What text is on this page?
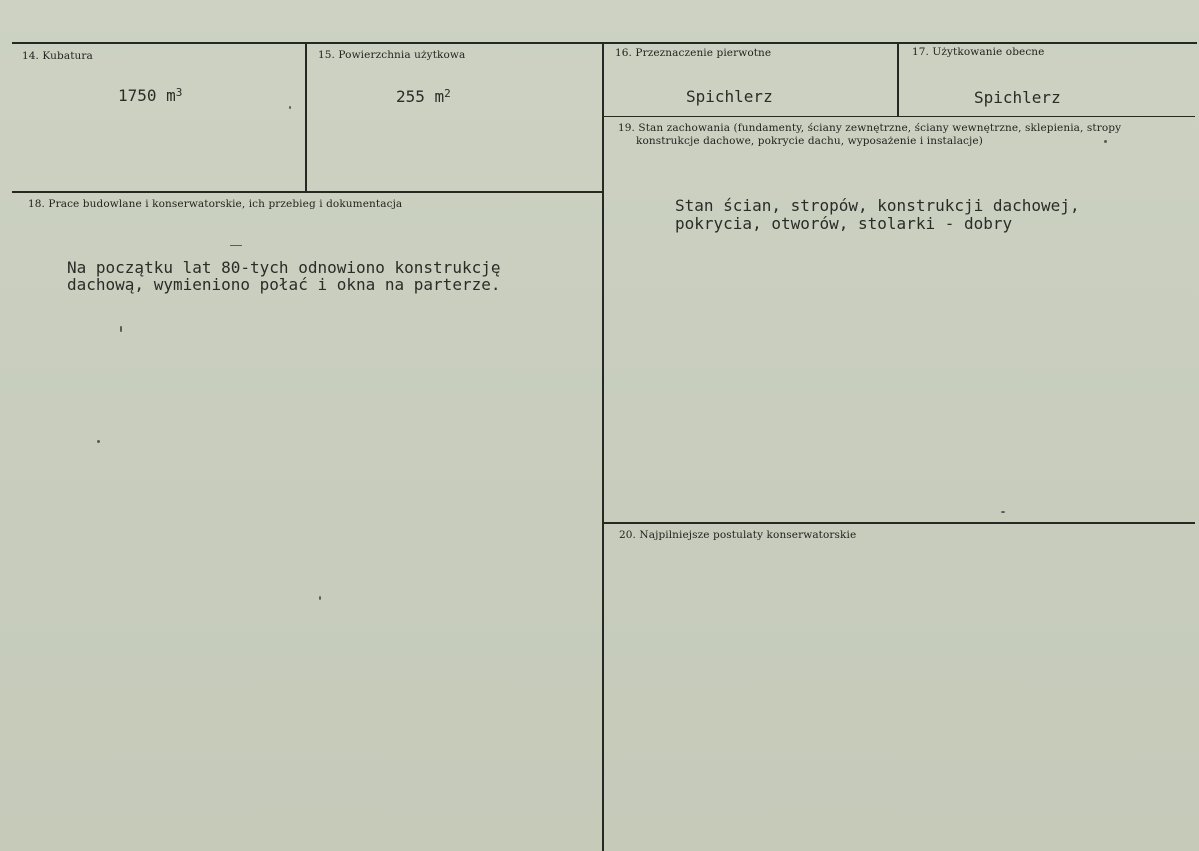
14. Kubatura
1750 $m^3$
15. Powierzchnia użytkowa
255 $m^2$
16. Przeznaczenie pierwotne
Spichlerz
17. Użytkowanie obecne
Spichlerz
18. Prace budowlane i konserwatorskie, ich przebieg i dokumentacja
Na początku lat 80-tych odnowiono konstrukcję
dachową, wymieniono połać i okna na parterze.
19. Stan zachowania (fundamenty, ściany zewnętrzne, ściany wewnętrzne, sklepienia, stropy
konstrukcje dachowe, pokrycie dachu, wyposażenie i instalacje)
Stan ścian, stropów, konstrukcji dachowej,
pokrycia, otworów, stolarki - dobry
20. Najpilniejsze postulaty konserwatorskie
